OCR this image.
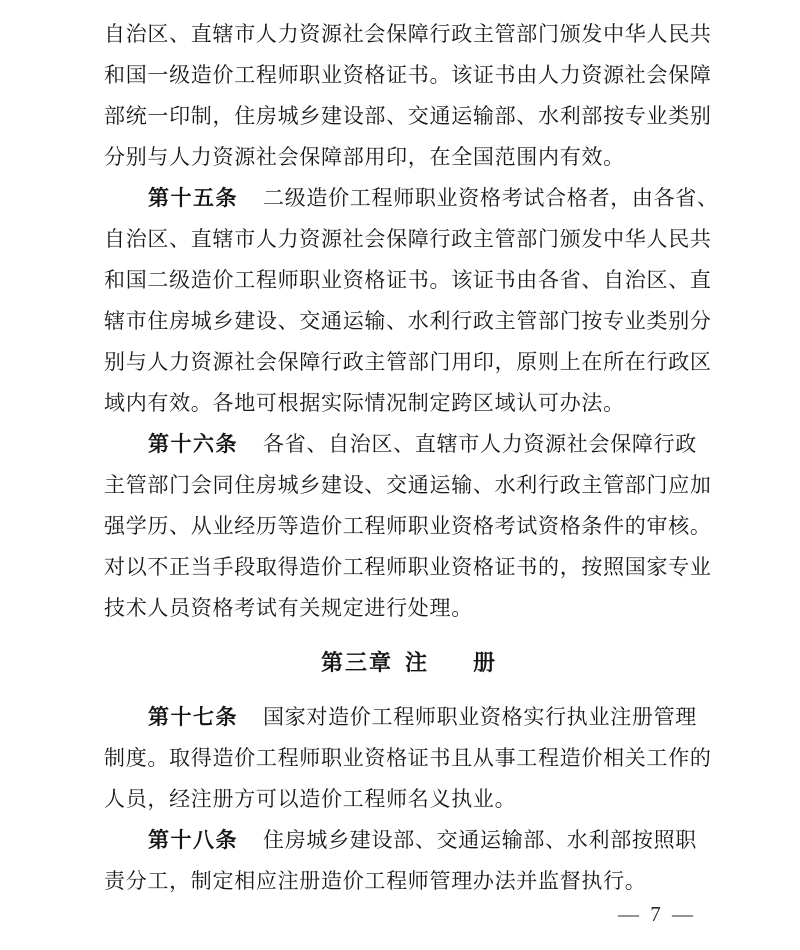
自治区、直辖市人力资源社会保障行政主管部门颁发中华人民共
和国一级造价工程师职业资格证书。该证书由人力资源社会保障
部统一印制，住房城乡建设部、交通运输部、水利部按专业类别
分别与人力资源社会保障部用印，在全国范围内有效。
第十五条 二级造价工程师职业资格考试合格者，由各省、
自治区、直辖市人力资源社会保障行政主管部门颁发中华人民共
和国二级造价工程师职业资格证书。该证书由各省、自治区、直
辖市住房城乡建设、交通运输、水利行政主管部门按专业类别分
别与人力资源社会保障行政主管部门用印，原则上在所在行政区
域内有效。各地可根据实际情况制定跨区域认可办法。
第十六条 各省、自治区、直辖市人力资源社会保障行政
主管部门会同住房城乡建设、交通运输、水利行政主管部门应加
强学历、从业经历等造价工程师职业资格考试资格条件的审核。
对以不正当手段取得造价工程师职业资格证书的，按照国家专业
技术人员资格考试有关规定进行处理。
第三章 注 册
第十七条 国家对造价工程师职业资格实行执业注册管理
制度。取得造价工程师职业资格证书且从事工程造价相关工作的
人员，经注册方可以造价工程师名义执业。
第十八条 住房城乡建设部、交通运输部、水利部按照职
责分工，制定相应注册造价工程师管理办法并监督执行。
— 7 —
